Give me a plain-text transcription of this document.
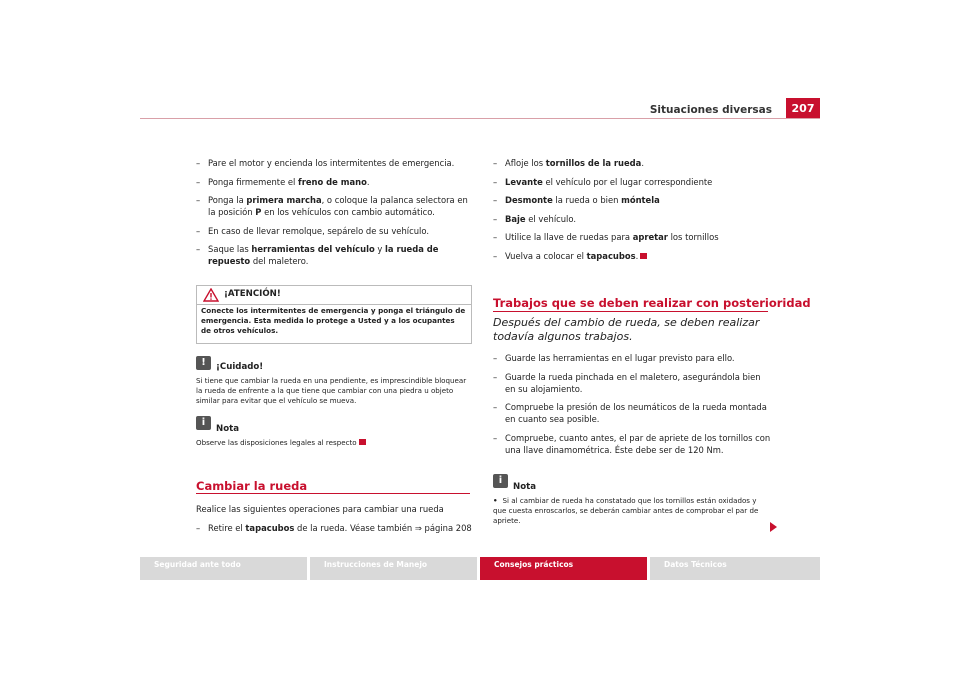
Situaciones diversas	207
– Pare el motor y encienda los intermitentes de emergencia.
– Ponga firmemente el freno de mano.
– Ponga la primera marcha, o coloque la palanca selectora en la posición P en los vehículos con cambio automático.
– En caso de llevar remolque, sepárelo de su vehículo.
– Saque las herramientas del vehículo y la rueda de repuesto del maletero.
¡ATENCIÓN!
Conecte los intermitentes de emergencia y ponga el triángulo de emergencia. Esta medida lo protege a Usted y a los ocupantes de otros vehículos.
!	¡Cuidado!
Si tiene que cambiar la rueda en una pendiente, es imprescindible bloquear la rueda de enfrente a la que tiene que cambiar con una piedra u objeto similar para evitar que el vehículo se mueva.
i
Nota
Observe las disposiciones legales al respecto
Cambiar la rueda

Realice las siguientes operaciones para cambiar una rueda

– Retire el tapacubos de la rueda. Véase también ⇒ página 208
– Afloje los tornillos de la rueda.
– Levante el vehículo por el lugar correspondiente
– Desmonte la rueda o bien móntela
– Baje el vehículo.
– Utilice la llave de ruedas para apretar los tornillos
– Vuelva a colocar el tapacubos.
Trabajos que se deben realizar con posterioridad
Después del cambio de rueda, se deben realizar todavía algunos trabajos.
– Guarde las herramientas en el lugar previsto para ello.
– Guarde la rueda pinchada en el maletero, asegurándola bien en su alojamiento.
– Compruebe la presión de los neumáticos de la rueda montada en cuanto sea posible.
– Compruebe, cuanto antes, el par de apriete de los tornillos con una llave dinamométrica. Éste debe ser de 120 Nm.
i
Nota
• Si al cambiar de rueda ha constatado que los tornillos están oxidados y que cuesta enroscarlos, se deberán cambiar antes de comprobar el par de apriete.
Seguridad ante todo	Instrucciones de Manejo	Consejos prácticos	Datos Técnicos
